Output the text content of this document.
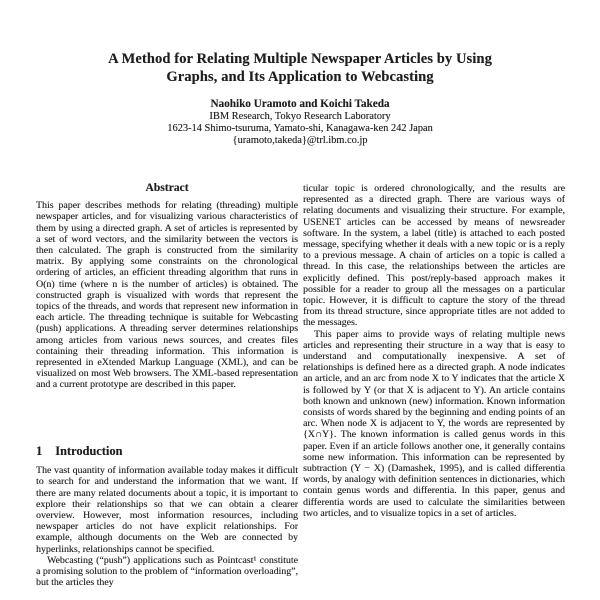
A Method for Relating Multiple Newspaper Articles by Using
Graphs, and Its Application to Webcasting
Naohiko Uramoto and Koichi Takeda
IBM Research, Tokyo Research Laboratory
1623-14 Shimo-tsuruma, Yamato-shi, Kanagawa-ken 242 Japan
{uramoto,takeda}@trl.ibm.co.jp
Abstract

This paper describes methods for relating (threading) multiple newspaper articles, and for visualizing various characteristics of them by using a directed graph. A set of articles is represented by a set of word vectors, and the similarity between the vectors is then calculated. The graph is constructed from the similarity matrix. By applying some constraints on the chronological ordering of articles, an efficient threading algorithm that runs in O(n) time (where n is the number of articles) is obtained. The constructed graph is visualized with words that represent the topics of the threads, and words that represent new information in each article. The threading technique is suitable for Webcasting (push) applications. A threading server determines relationships among articles from various news sources, and creates files containing their threading information. This information is represented in eXtended Markup Language (XML), and can be visualized on most Web browsers. The XML-based representation and a current prototype are described in this paper.

1 Introduction

The vast quantity of information available today makes it difficult to search for and understand the information that we want. If there are many related documents about a topic, it is important to explore their relationships so that we can obtain a clearer overview. However, most information resources, including newspaper articles do not have explicit relationships. For example, although documents on the Web are connected by hyperlinks, relationships cannot be specified.

Webcasting (“push”) applications such as Pointcast¹ constitute a promising solution to the problem of “information overloading”, but the articles they

ticular topic is ordered chronologically, and the results are represented as a directed graph. There are various ways of relating documents and visualizing their structure. For example, USENET articles can be accessed by means of newsreader software. In the system, a label (title) is attached to each posted message, specifying whether it deals with a new topic or is a reply to a previous message. A chain of articles on a topic is called a thread. In this case, the relationships between the articles are explicitly defined. This post/reply-based approach makes it possible for a reader to group all the messages on a particular topic. However, it is difficult to capture the story of the thread from its thread structure, since appropriate titles are not added to the messages.

This paper aims to provide ways of relating multiple news articles and representing their structure in a way that is easy to understand and computationally inexpensive. A set of relationships is defined here as a directed graph. A node indicates an article, and an arc from node X to Y indicates that the article X is followed by Y (or that X is adjacent to Y). An article contains both known and unknown (new) information. Known information consists of words shared by the beginning and ending points of an arc. When node X is adjacent to Y, the words are represented by {X∩Y}. The known information is called genus words in this paper. Even if an article follows another one, it generally contains some new information. This information can be represented by subtraction (Y − X) (Damashek, 1995), and is called differentia words, by analogy with definition sentences in dictionaries, which contain genus words and differentia. In this paper, genus and differentia words are used to calculate the similarities between two articles, and to visualize topics in a set of articles.
